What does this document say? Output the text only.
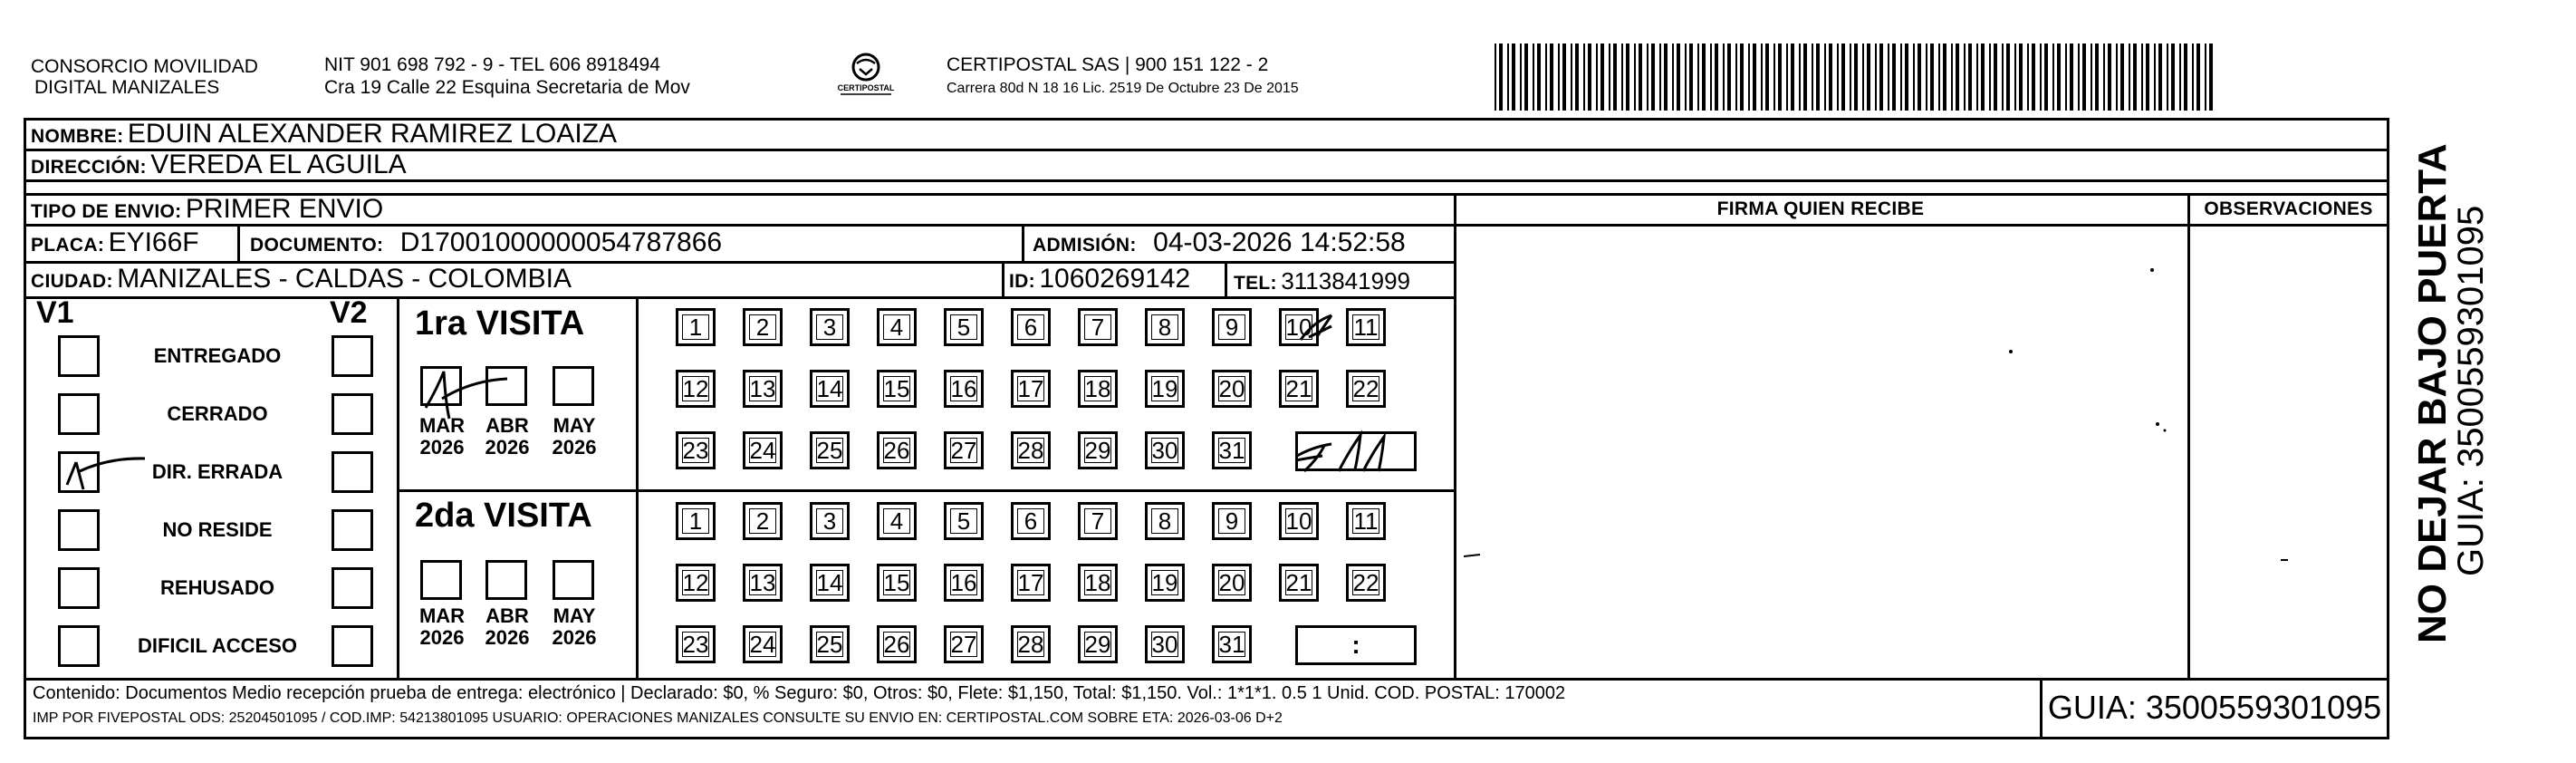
CONSORCIO MOVILIDAD
DIGITAL MANIZALES
NIT 901 698 792 - 9 - TEL 606 8918494
Cra 19 Calle 22 Esquina Secretaria de Mov	CERTIPOSTAL
CERTIPOSTAL SAS | 900 151 122 - 2
Carrera 80d N 18 16 Lic. 2519 De Octubre 23 De 2015
NOMBRE: EDUIN ALEXANDER RAMIREZ LOAIZA
DIRECCIÓN: VEREDA EL AGUILA
TIPO DE ENVIO: PRIMER ENVIO	FIRMA QUIEN RECIBE	OBSERVACIONES
PLACA: EYI66F	DOCUMENTO: D17001000000054787866	ADMISIÓN: 04-03-2026 14:52:58
CIUDAD: MANIZALES - CALDAS - COLOMBIA	ID: 1060269142 TEL: 3113841999
V1	V2
ENTREGADO
CERRADO
DIR. ERRADA
NO RESIDE
REHUSADO
DIFICIL ACCESO
1ra VISITA
2da VISITA
MAR
2026
ABR
2026
MAY
2026
MAR
2026
ABR
2026
MAY
2026
1 2 3 4 5 6 7 8 9 10 11
12 13 14 15 16 17 18 19 20 21 22
23 24 25 26 27 28 29 30 31
1 2 3 4 5 6 7 8 9 10 11
12 13 14 15 16 17 18 19 20 21 22
23 24 25 26 27 28 29 30 31	:
Contenido: Documentos Medio recepción prueba de entrega: electrónico | Declarado: $0, % Seguro: $0, Otros: $0, Flete: $1,150, Total: $1,150. Vol.: 1*1*1. 0.5 1 Unid. COD. POSTAL: 170002
IMP POR FIVEPOSTAL ODS: 25204501095 / COD.IMP: 54213801095 USUARIO: OPERACIONES MANIZALES CONSULTE SU ENVIO EN: CERTIPOSTAL.COM SOBRE ETA: 2026-03-06 D+2	GUIA: 3500559301095
NO DEJAR BAJO PUERTA
GUIA: 3500559301095
